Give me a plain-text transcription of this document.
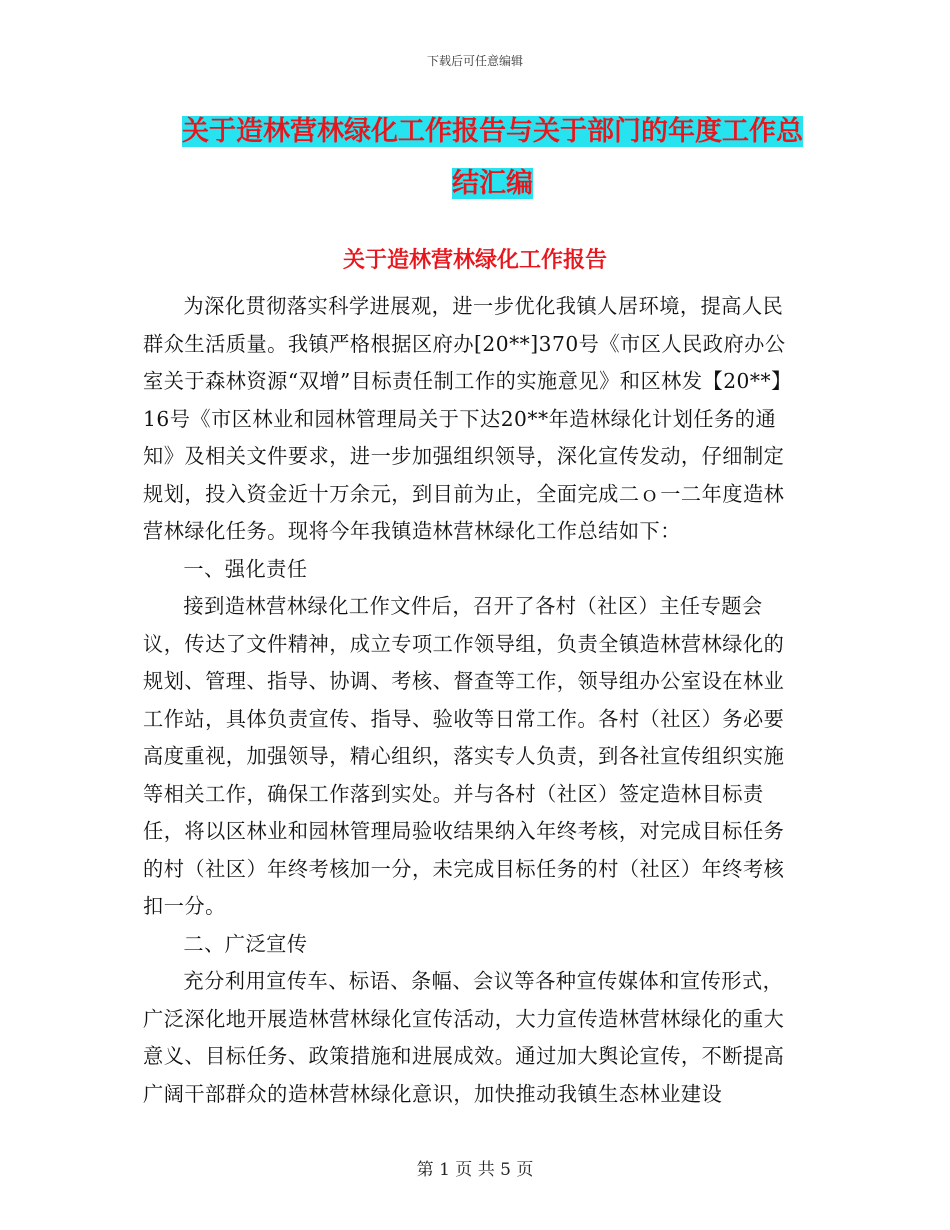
下载后可任意编辑
关于造林营林绿化工作报告与关于部门的年度工作总结汇编
关于造林营林绿化工作报告

为深化贯彻落实科学进展观，进一步优化我镇人居环境，提高人民群众生活质量。我镇严格根据区府办[20**]370号《市区人民政府办公室关于森林资源“双增”目标责任制工作的实施意见》和区林发【20**】16号《市区林业和园林管理局关于下达20**年造林绿化计划任务的通知》及相关文件要求，进一步加强组织领导，深化宣传发动，仔细制定规划，投入资金近十万余元，到目前为止，全面完成二ｏ一二年度造林营林绿化任务。现将今年我镇造林营林绿化工作总结如下：

一、强化责任

接到造林营林绿化工作文件后，召开了各村（社区）主任专题会议，传达了文件精神，成立专项工作领导组，负责全镇造林营林绿化的规划、管理、指导、协调、考核、督查等工作，领导组办公室设在林业工作站，具体负责宣传、指导、验收等日常工作。各村（社区）务必要高度重视，加强领导，精心组织，落实专人负责，到各社宣传组织实施等相关工作，确保工作落到实处。并与各村（社区）签定造林目标责任，将以区林业和园林管理局验收结果纳入年终考核，对完成目标任务的村（社区）年终考核加一分，未完成目标任务的村（社区）年终考核扣一分。

二、广泛宣传

充分利用宣传车、标语、条幅、会议等各种宣传媒体和宣传形式，广泛深化地开展造林营林绿化宣传活动，大力宣传造林营林绿化的重大意义、目标任务、政策措施和进展成效。通过加大舆论宣传，不断提高广阔干部群众的造林营林绿化意识，加快推动我镇生态林业建设

第 1 页 共 5 页
